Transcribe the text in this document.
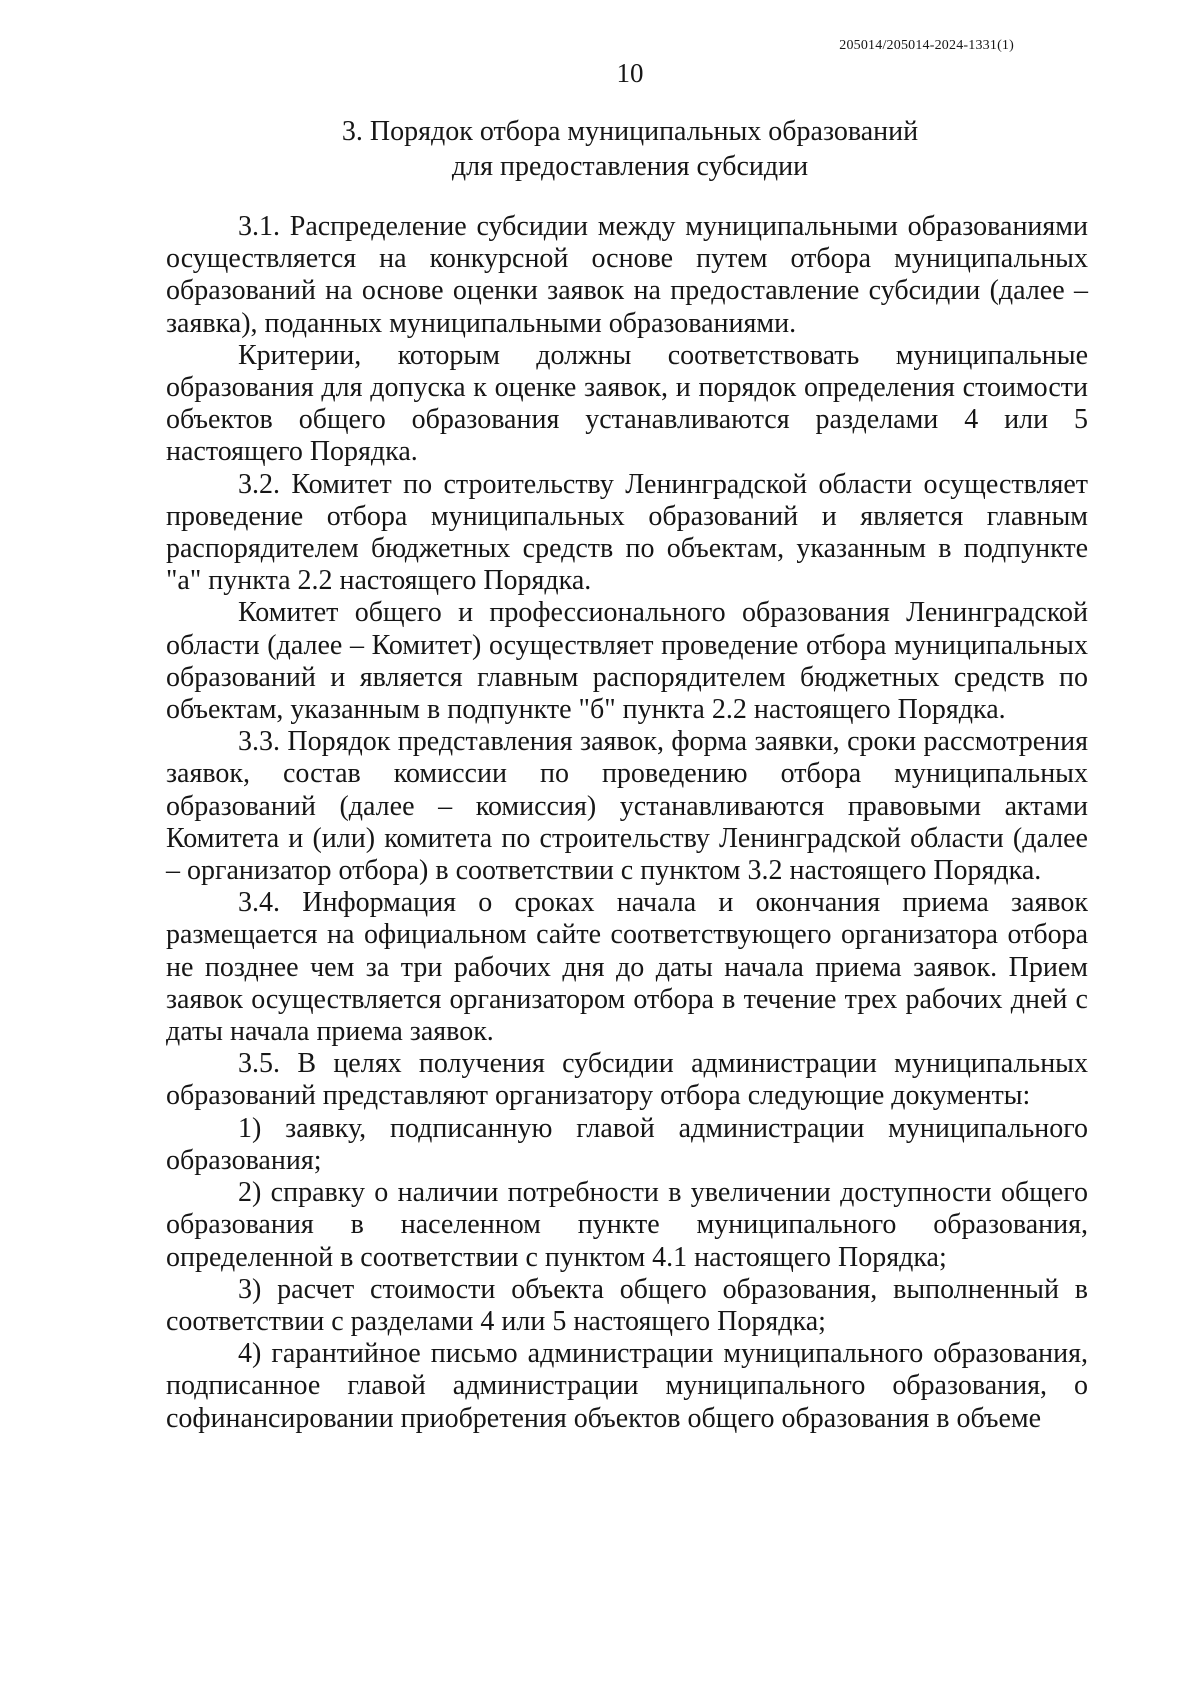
205014/205014-2024-1331(1)
10
3. Порядок отбора муниципальных образований
для предоставления субсидии

3.1. Распределение субсидии между муниципальными образованиями осуществляется на конкурсной основе путем отбора муниципальных образований на основе оценки заявок на предоставление субсидии (далее – заявка), поданных муниципальными образованиями.

Критерии, которым должны соответствовать муниципальные образования для допуска к оценке заявок, и порядок определения стоимости объектов общего образования устанавливаются разделами 4 или 5 настоящего Порядка.

3.2. Комитет по строительству Ленинградской области осуществляет проведение отбора муниципальных образований и является главным распорядителем бюджетных средств по объектам, указанным в подпункте "а" пункта 2.2 настоящего Порядка.

Комитет общего и профессионального образования Ленинградской области (далее – Комитет) осуществляет проведение отбора муниципальных образований и является главным распорядителем бюджетных средств по объектам, указанным в подпункте "б" пункта 2.2 настоящего Порядка.

3.3. Порядок представления заявок, форма заявки, сроки рассмотрения заявок, состав комиссии по проведению отбора муниципальных образований (далее – комиссия) устанавливаются правовыми актами Комитета и (или) комитета по строительству Ленинградской области (далее – организатор отбора) в соответствии с пунктом 3.2 настоящего Порядка.

3.4. Информация о сроках начала и окончания приема заявок размещается на официальном сайте соответствующего организатора отбора не позднее чем за три рабочих дня до даты начала приема заявок. Прием заявок осуществляется организатором отбора в течение трех рабочих дней с даты начала приема заявок.

3.5. В целях получения субсидии администрации муниципальных образований представляют организатору отбора следующие документы:

1) заявку, подписанную главой администрации муниципального образования;

2) справку о наличии потребности в увеличении доступности общего образования в населенном пункте муниципального образования, определенной в соответствии с пунктом 4.1 настоящего Порядка;

3) расчет стоимости объекта общего образования, выполненный в соответствии с разделами 4 или 5 настоящего Порядка;

4) гарантийное письмо администрации муниципального образования, подписанное главой администрации муниципального образования, о софинансировании приобретения объектов общего образования в объеме
